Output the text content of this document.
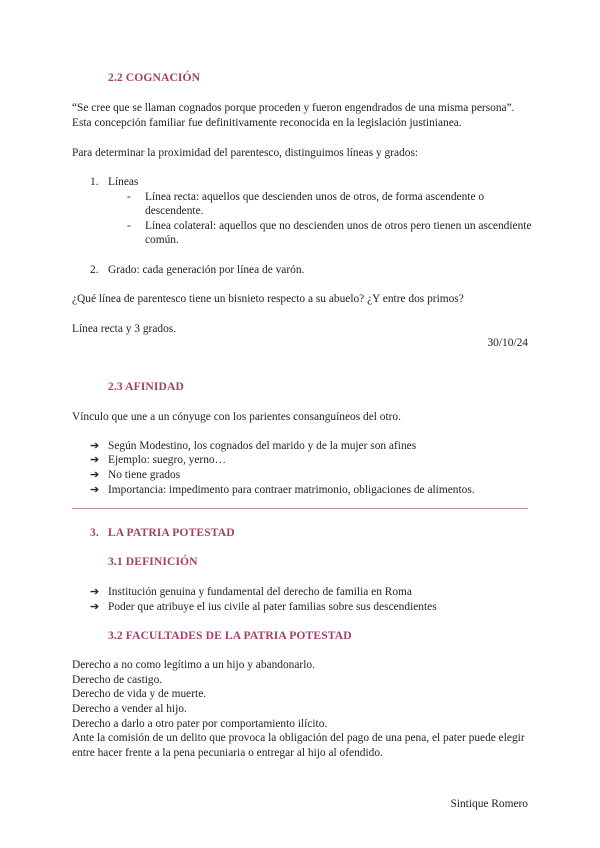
2.2 COGNACIÓN
“Se cree que se llaman cognados porque proceden y fueron engendrados de una misma persona”.
Esta concepción familiar fue definitivamente reconocida en la legislación justinianea.
Para determinar la proximidad del parentesco, distinguimos líneas y grados:
1. Líneas
- Línea recta: aquellos que descienden unos de otros, de forma ascendente o
descendente.
- Línea colateral: aquellos que no descienden unos de otros pero tienen un ascendiente
común.
2. Grado: cada generación por línea de varón.
¿Qué línea de parentesco tiene un bisnieto respecto a su abuelo? ¿Y entre dos primos?
Línea recta y 3 grados.
30/10/24
2.3 AFINIDAD
Vínculo que une a un cónyuge con los parientes consanguíneos del otro.
➔ Según Modestino, los cognados del marido y de la mujer son afines
➔ Ejemplo: suegro, yerno…
➔ No tiene grados
➔ Importancia: impedimento para contraer matrimonio, obligaciones de alimentos.
3.   LA PATRIA POTESTAD
3.1 DEFINICIÓN
➔ Institución genuina y fundamental del derecho de familia en Roma
➔ Poder que atribuye el ius civile al pater familias sobre sus descendientes
3.2 FACULTADES DE LA PATRIA POTESTAD
Derecho a no como legítimo a un hijo y abandonarlo.
Derecho de castigo.
Derecho de vida y de muerte.
Derecho a vender al hijo.
Derecho a darlo a otro pater por comportamiento ilícito.
Ante la comisión de un delito que provoca la obligación del pago de una pena, el pater puede elegir
entre hacer frente a la pena pecuniaria o entregar al hijo al ofendido.
Sintique Romero
